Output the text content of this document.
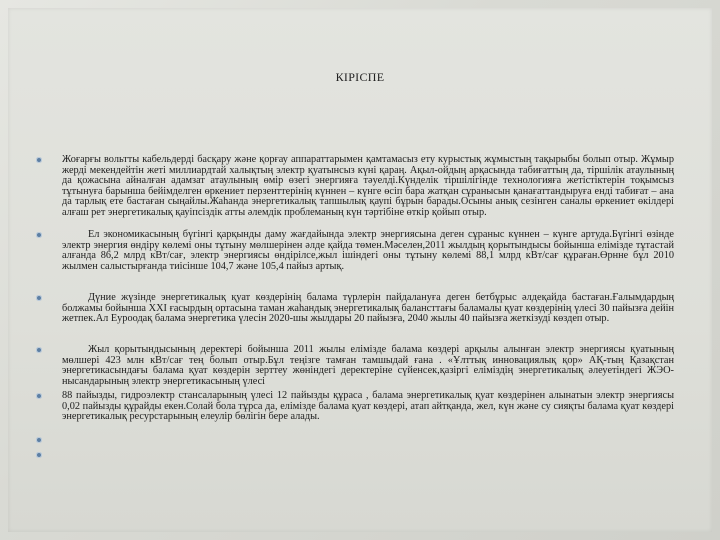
КІРІСПЕ
Жоғарғы вольтты кабельдерді басқару және қорғау аппараттарымен қамтамасыз ету курыстық жұмыстың тақырыбы болып отыр. Жұмыр жерді мекендейтін жеті миллиардтай халықтың электр қуатынсыз күні қараң. Ақыл-ойдың арқасында табиғаттың да, тіршілік атаулының да қожасына айналған адамзат атаулының өмір өзегі энергияға тәуелді.Күнделік тіршілігінде технологияға жетістіктерін тоқымсыз тұтынуға барынша бейімделген өркениет перзенттерінің күннен – күнге өсіп бара жатқан сұранысын қанағаттандыруға енді табиғат – ана да тарлық ете бастаған сыңайлы.Жаһанда энергетикалық тапшылық қаупі бұрын барады.Осыны анық сезінген саналы өркениет өкілдері алғаш рет энергетикалық қауіпсіздік атты әлемдік проблеманың күн тәртібіне өткір қойып отыр.
Ел экономикасының бүгінгі қарқынды даму жағдайында электр энергиясына деген сұраныс күннен – күнге артуда.Бүгінгі өзінде электр энергия өндіру көлемі оны тұтыну мөлшерінен әлде қайда төмен.Мәселен,2011 жылдың қорытындысы бойынша елімізде тұтастай алғанда 86,2 млрд кВт/сағ, электр энергиясы өндірілсе,жыл ішіндегі оны тұтыну көлемі 88,1 млрд кВт/сағ құраған.Өрнне бұл 2010 жылмен салыстырғанда тиісінше 104,7 және 105,4 пайыз артық.
Дүние жүзінде энергетикалық қуат көздерінің балама түрлерін пайдалануға деген бетбұрыс әлдеқайда бастаған.Ғалымдардың болжамы бойынша XXI ғасырдың ортасына таман жаһандық энергетикалық балансттағы баламалы қуат көздерінің үлесі 30 пайызға дейін жетпек.Ал Еуроодақ баламa энергетика үлесін 2020-шы жылдары 20 пайызға, 2040 жылы 40 пайызға жеткізуді көздеп отыр.
Жыл қорытындысының деректері бойынша 2011 жылы елімізде балама көздері арқылы алынған электр энергиясы қуатының мөлшері 423 млн кВт/сағ тең болып отыр.Бұл теңізге тамған тамшыдай ғана . «Ұлттық инновациялық қор» АҚ-тың Қазақстан энергетикасындағы балама қуат көздерін зерттеу жөніндегі деректеріне сүйенсек,қазіргі еліміздің энергетикалық әлеуетіндегі ЖЭО-нысандарының электр энергетикасының үлесі
88 пайызды, гидроэлектр стансаларының үлесі 12 пайызды құраса , балама энергетикалық қуат көздерінен алынатын электр энергиясы 0,02 пайызды құрайды екен.Солай бола тұрса да, елімізде балама қуат көздері, атап айтқанда, жел, күн және су сияқты балама қуат көздері энергетикалық ресурстарының елеулір бөлігін бере алады.
